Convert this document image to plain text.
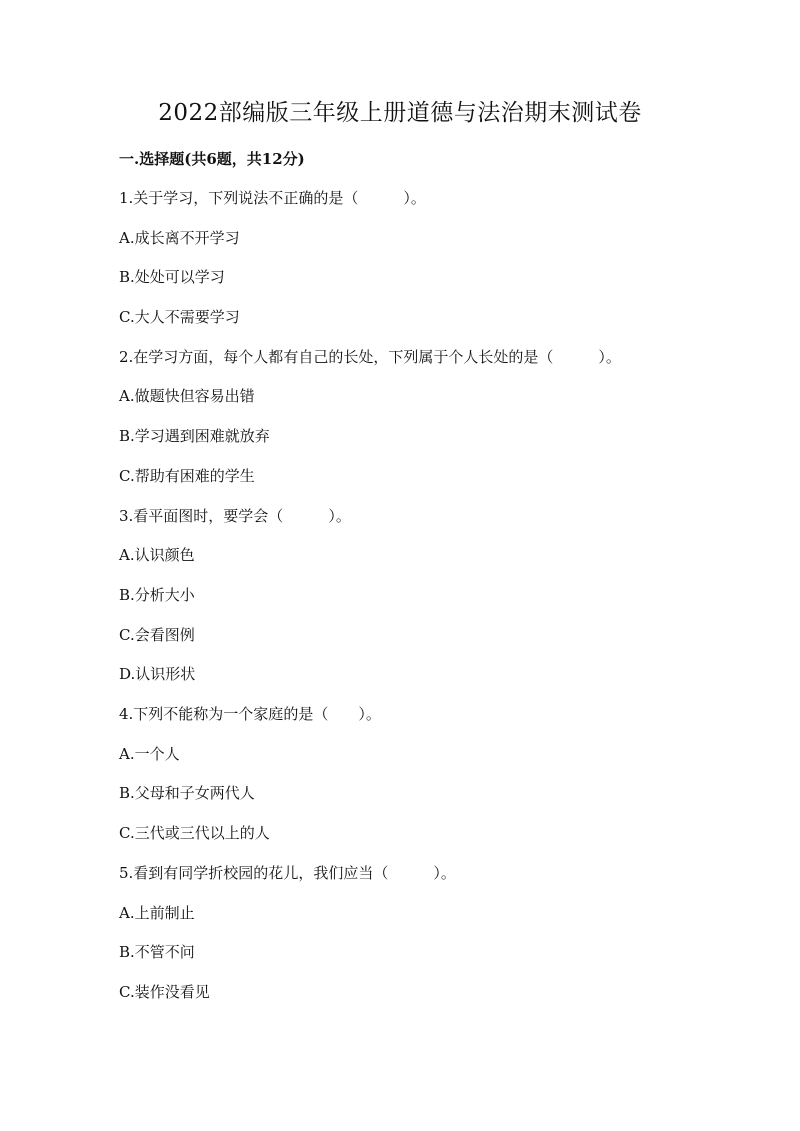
2022部编版三年级上册道德与法治期末测试卷
一.选择题(共6题，共12分)
1.关于学习，下列说法不正确的是（　　　）。
A.成长离不开学习
B.处处可以学习
C.大人不需要学习
2.在学习方面，每个人都有自己的长处，下列属于个人长处的是（　　　）。
A.做题快但容易出错
B.学习遇到困难就放弃
C.帮助有困难的学生
3.看平面图时，要学会（　　　）。
A.认识颜色
B.分析大小
C.会看图例
D.认识形状
4.下列不能称为一个家庭的是（　　）。
A.一个人
B.父母和子女两代人
C.三代或三代以上的人
5.看到有同学折校园的花儿，我们应当（　　　）。
A.上前制止
B.不管不问
C.装作没看见
